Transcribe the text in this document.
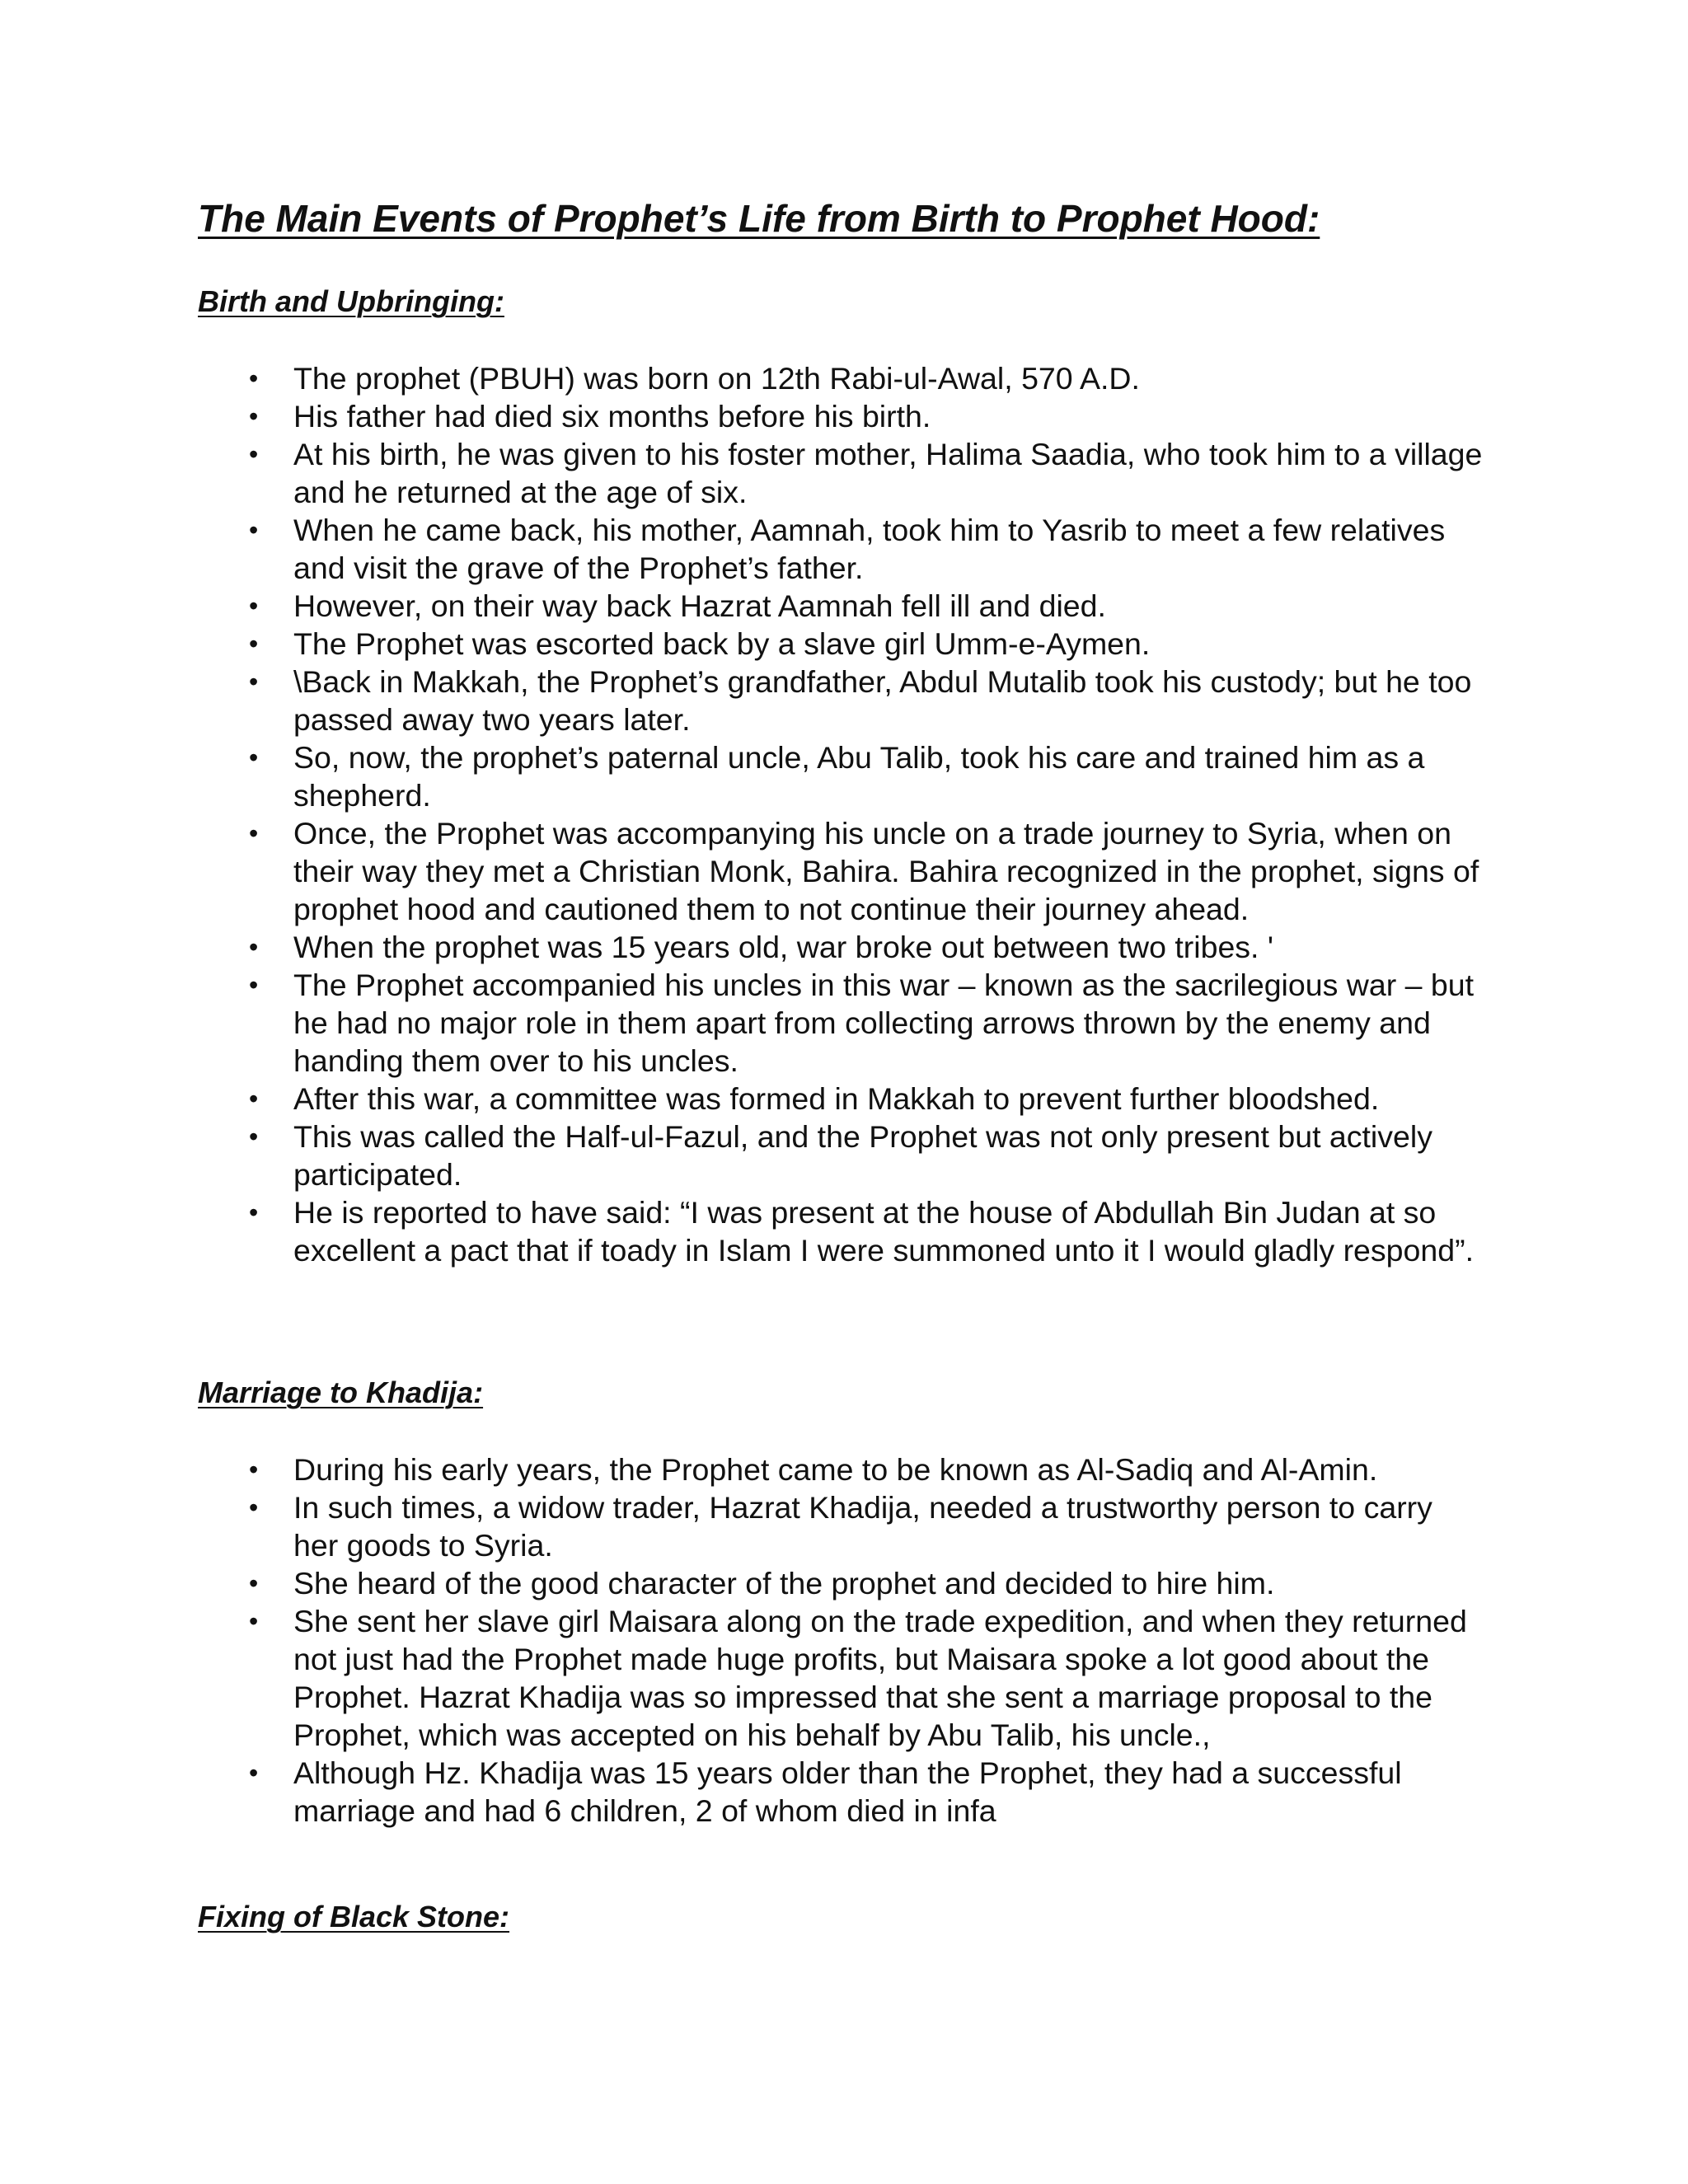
The Main Events of Prophet’s Life from Birth to Prophet Hood:
Birth and Upbringing:
• The prophet (PBUH) was born on 12th Rabi-ul-Awal, 570 A.D.
• His father had died six months before his birth.
• At his birth, he was given to his foster mother, Halima Saadia, who took him to a village and he returned at the age of six.
• When he came back, his mother, Aamnah, took him to Yasrib to meet a few relatives and visit the grave of the Prophet’s father.
• However, on their way back Hazrat Aamnah fell ill and died.
• The Prophet was escorted back by a slave girl Umm-e-Aymen.
• \Back in Makkah, the Prophet’s grandfather, Abdul Mutalib took his custody; but he too passed away two years later.
• So, now, the prophet’s paternal uncle, Abu Talib, took his care and trained him as a shepherd.
• Once, the Prophet was accompanying his uncle on a trade journey to Syria, when on their way they met a Christian Monk, Bahira. Bahira recognized in the prophet, signs of prophet hood and cautioned them to not continue their journey ahead.
• When the prophet was 15 years old, war broke out between two tribes. '
• The Prophet accompanied his uncles in this war – known as the sacrilegious war – but he had no major role in them apart from collecting arrows thrown by the enemy and handing them over to his uncles.
• After this war, a committee was formed in Makkah to prevent further bloodshed.
• This was called the Half-ul-Fazul, and the Prophet was not only present but actively participated.
• He is reported to have said: “I was present at the house of Abdullah Bin Judan at so excellent a pact that if toady in Islam I were summoned unto it I would gladly respond”.
Marriage to Khadija:
• During his early years, the Prophet came to be known as Al-Sadiq and Al-Amin.
• In such times, a widow trader, Hazrat Khadija, needed a trustworthy person to carry her goods to Syria.
• She heard of the good character of the prophet and decided to hire him.
• She sent her slave girl Maisara along on the trade expedition, and when they returned not just had the Prophet made huge profits, but Maisara spoke a lot good about the Prophet. Hazrat Khadija was so impressed that she sent a marriage proposal to the Prophet, which was accepted on his behalf by Abu Talib, his uncle.,
• Although Hz. Khadija was 15 years older than the Prophet, they had a successful marriage and had 6 children, 2 of whom died in infa
Fixing of Black Stone:
